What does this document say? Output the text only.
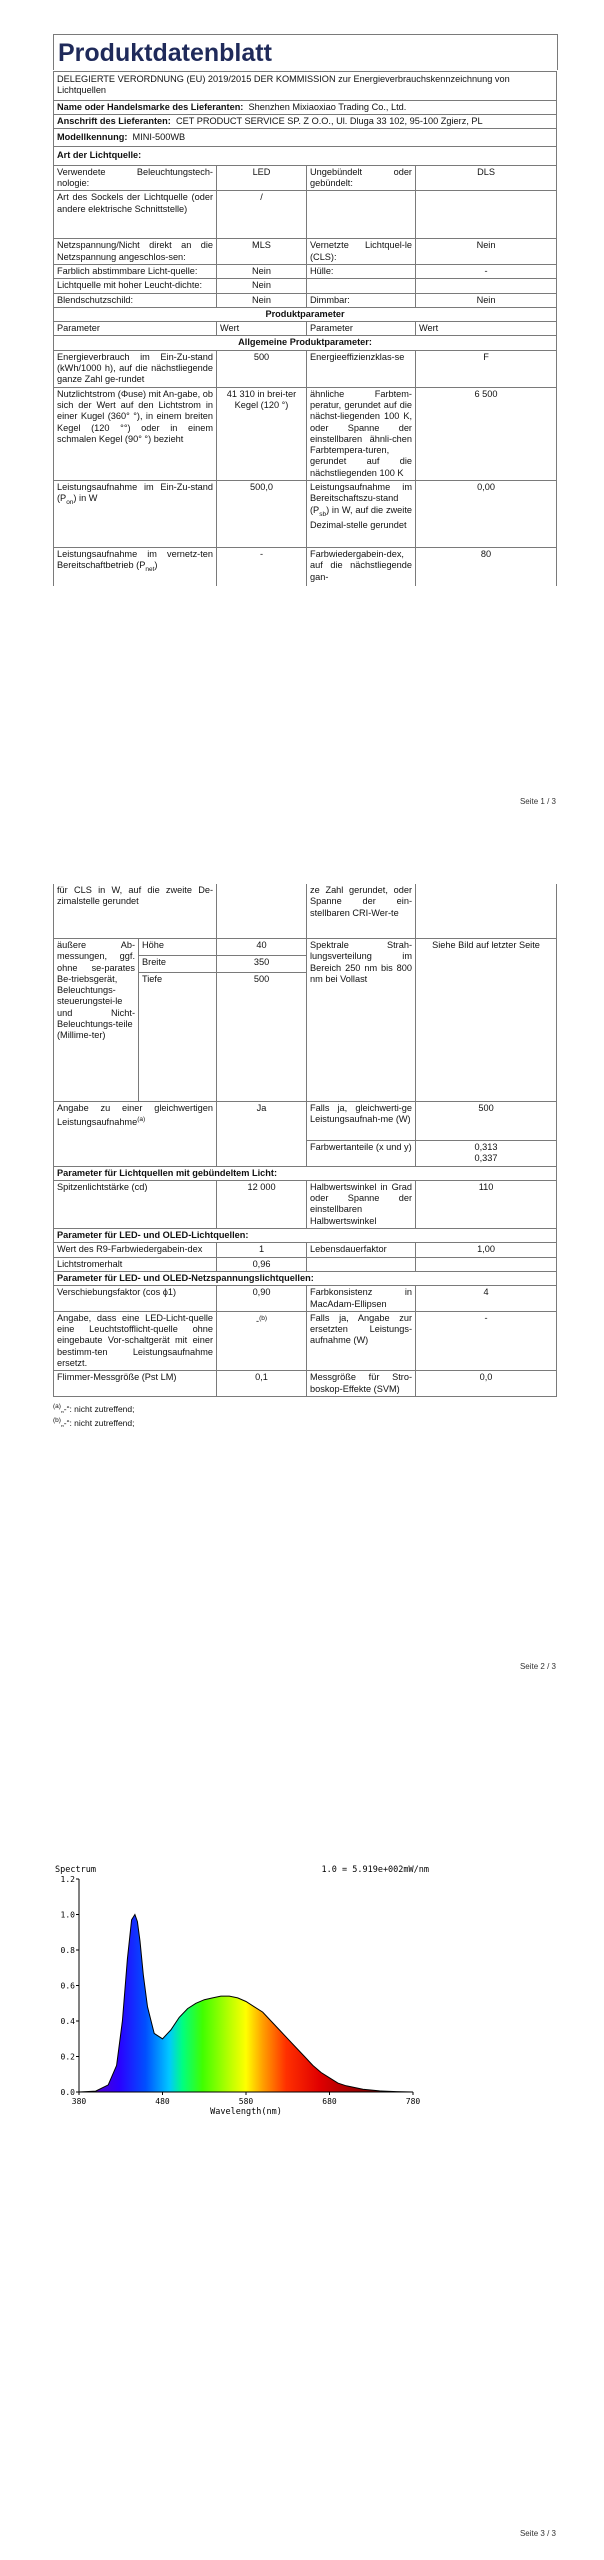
Produktdatenblatt
DELEGIERTE VERORDNUNG (EU) 2019/2015 DER KOMMISSION zur Energieverbrauchskennzeichnung von Lichtquellen			
Name oder Handelsmarke des Lieferanten: Shenzhen Mixiaoxiao Trading Co., Ltd.			
Anschrift des Lieferanten: CET PRODUCT SERVICE SP. Z O.O., Ul. Dluga 33 102, 95-100 Zgierz, PL			
Modellkennung: MINI-500WB			
Art der Lichtquelle:			
Verwendete Beleuchtungstech-nologie:	LED	Ungebündelt oder gebündelt:	DLS
Art des Sockels der Lichtquelle (oder andere elektrische Schnittstelle)	/		
Netzspannung/Nicht direkt an die Netzspannung angeschlos-sen:	MLS	Vernetzte Lichtquel-le (CLS):	Nein
Farblich abstimmbare Licht-quelle:	Nein	Hülle:	-
Lichtquelle mit hoher Leucht-dichte:	Nein		
Blendschutzschild:	Nein	Dimmbar:	Nein
Produktparameter			
Parameter	Wert	Parameter	Wert
Allgemeine Produktparameter:			
Energieverbrauch im Ein-Zu-stand (kWh/1000 h), auf die nächstliegende ganze Zahl ge-rundet	500	Energieeffizienzklas-se	F
Nutzlichtstrom (Φuse) mit An-gabe, ob sich der Wert auf den Lichtstrom in einer Kugel (360° °), in einem breiten Kegel (120 °°) oder in einem schmalen Kegel (90° °) bezieht	41 310 in brei-ter Kegel (120 °)	ähnliche Farbtem-peratur, gerundet auf die nächst-liegenden 100 K, oder Spanne der einstellbaren ähnli-chen Farbtempera-turen, gerundet auf die nächstliegenden 100 K	6 500
Leistungsaufnahme im Ein-Zu-stand $(P_{on})$ in W	500,0	Leistungsaufnahme im Bereitschaftszu-stand $(P_{sb})$ in W, auf die zweite Dezimal-stelle gerundet	0,00
Leistungsaufnahme im vernetz-ten Bereitschaftbetrieb $(P_{net})$	-	Farbwiedergabein-dex, auf die nächstliegende gan-	80
Seite 1 / 3
für CLS in W, auf die zweite De-zimalstelle gerundet			ze Zahl gerundet, oder Spanne der ein-stellbaren CRI-Wer-te	
äußere Ab-messungen, ggf. ohne se-parates Be-triebsgerät, Beleuchtungs-steuerungstei-le und Nicht-Beleuchtungs-teile (Millime-ter)	Höhe	40	Spektrale Strah-lungsverteilung im Bereich 250 nm bis 800 nm bei Vollast	Siehe Bild auf letzter Seite
	Breite	350		
	Tiefe	500		
Angabe zu einer gleichwertigen Leistungsaufnahme$^{(a)}$		Ja	Falls ja, gleichwerti-ge Leistungsaufnah-me (W)	500
			Farbwertanteile (x und y)	0,313
0,337

Parameter für Lichtquellen mit gebündeltem Licht:				
Spitzenlichtstärke (cd)		12 000	Halbwertswinkel in Grad oder Spanne der einstellbaren Halbwertswinkel	110
Parameter für LED- und OLED-Lichtquellen:				
Wert des R9-Farbwiedergabein-dex		1	Lebensdauerfaktor	1,00
Lichtstromerhalt		0,96		
Parameter für LED- und OLED-Netzspannungslichtquellen:				
Verschiebungsfaktor (cos ϕ1)		0,90	Farbkonsistenz in MacAdam-Ellipsen	4
Angabe, dass eine LED-Licht-quelle eine Leuchtstofflicht-quelle ohne eingebaute Vor-schaltgerät mit einer bestimm-ten Leistungsaufnahme ersetzt.		-$^{(b)}$	Falls ja, Angabe zur ersetzten Leistungs-aufnahme (W)	-
Flimmer-Messgröße (Pst LM)		0,1	Messgröße für Stro-boskop-Effekte (SVM)	0,0
$^{(a)}$„-“: nicht zutreffend;
$^{(b)}$„-“: nicht zutreffend;
Seite 2 / 3
Seite 3 / 3
Spectrum	1.0 = 5.919e+002mW/nm
0.0
0.2
0.4
0.6
0.8
1.0
1.2
380	480	580	680	780
Wavelength(nm)
